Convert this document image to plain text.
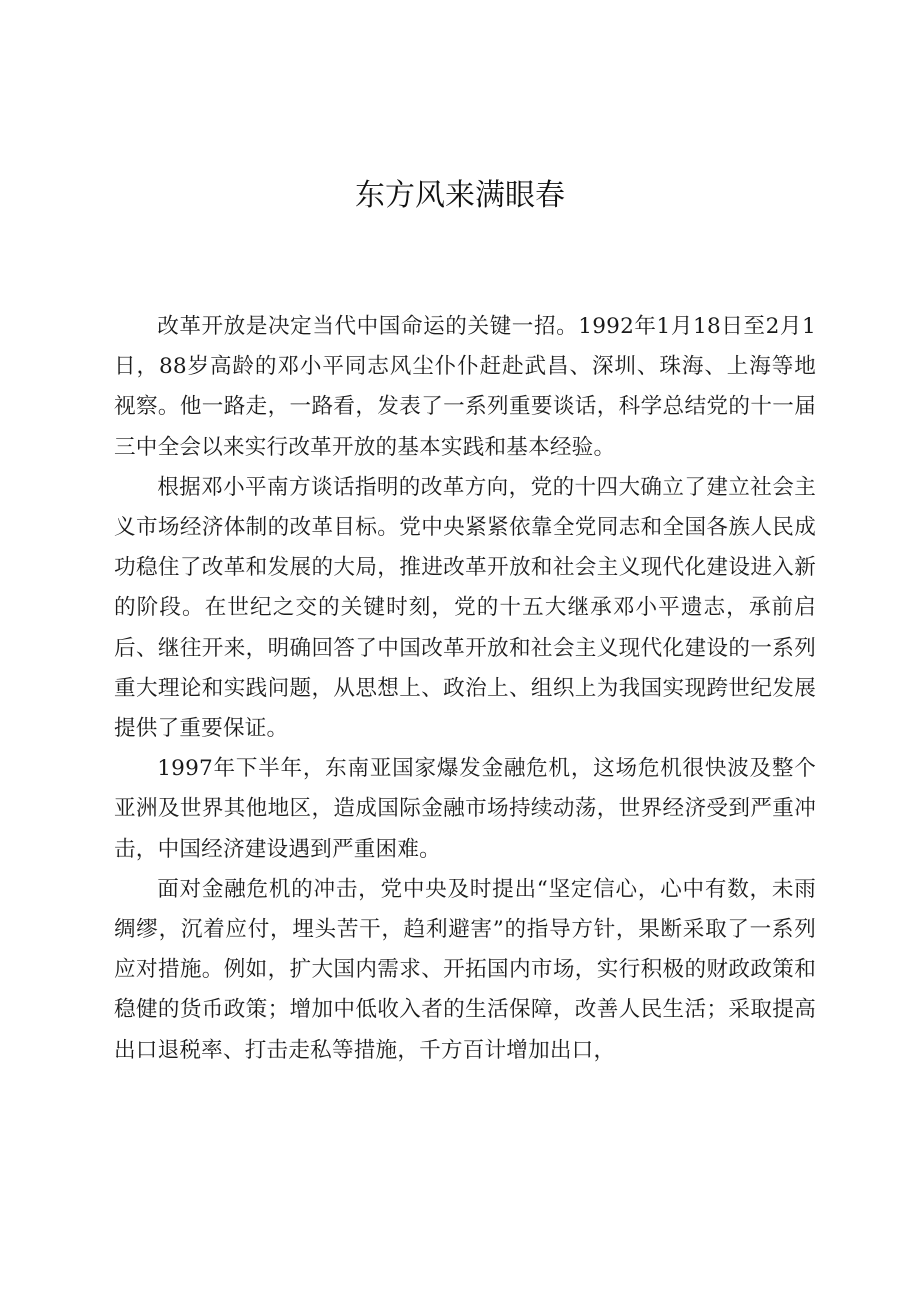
东方风来满眼春

改革开放是决定当代中国命运的关键一招。1992年1月18日至2月1日，88岁高龄的邓小平同志风尘仆仆赶赴武昌、深圳、珠海、上海等地视察。他一路走，一路看，发表了一系列重要谈话，科学总结党的十一届三中全会以来实行改革开放的基本实践和基本经验。

根据邓小平南方谈话指明的改革方向，党的十四大确立了建立社会主义市场经济体制的改革目标。党中央紧紧依靠全党同志和全国各族人民成功稳住了改革和发展的大局，推进改革开放和社会主义现代化建设进入新的阶段。在世纪之交的关键时刻，党的十五大继承邓小平遗志，承前启后、继往开来，明确回答了中国改革开放和社会主义现代化建设的一系列重大理论和实践问题，从思想上、政治上、组织上为我国实现跨世纪发展提供了重要保证。

1997年下半年，东南亚国家爆发金融危机，这场危机很快波及整个亚洲及世界其他地区，造成国际金融市场持续动荡，世界经济受到严重冲击，中国经济建设遇到严重困难。

面对金融危机的冲击，党中央及时提出“坚定信心，心中有数，未雨绸缪，沉着应付，埋头苦干，趋利避害”的指导方针，果断采取了一系列应对措施。例如，扩大国内需求、开拓国内市场，实行积极的财政政策和稳健的货币政策；增加中低收入者的生活保障，改善人民生活；采取提高出口退税率、打击走私等措施，千方百计增加出口，
